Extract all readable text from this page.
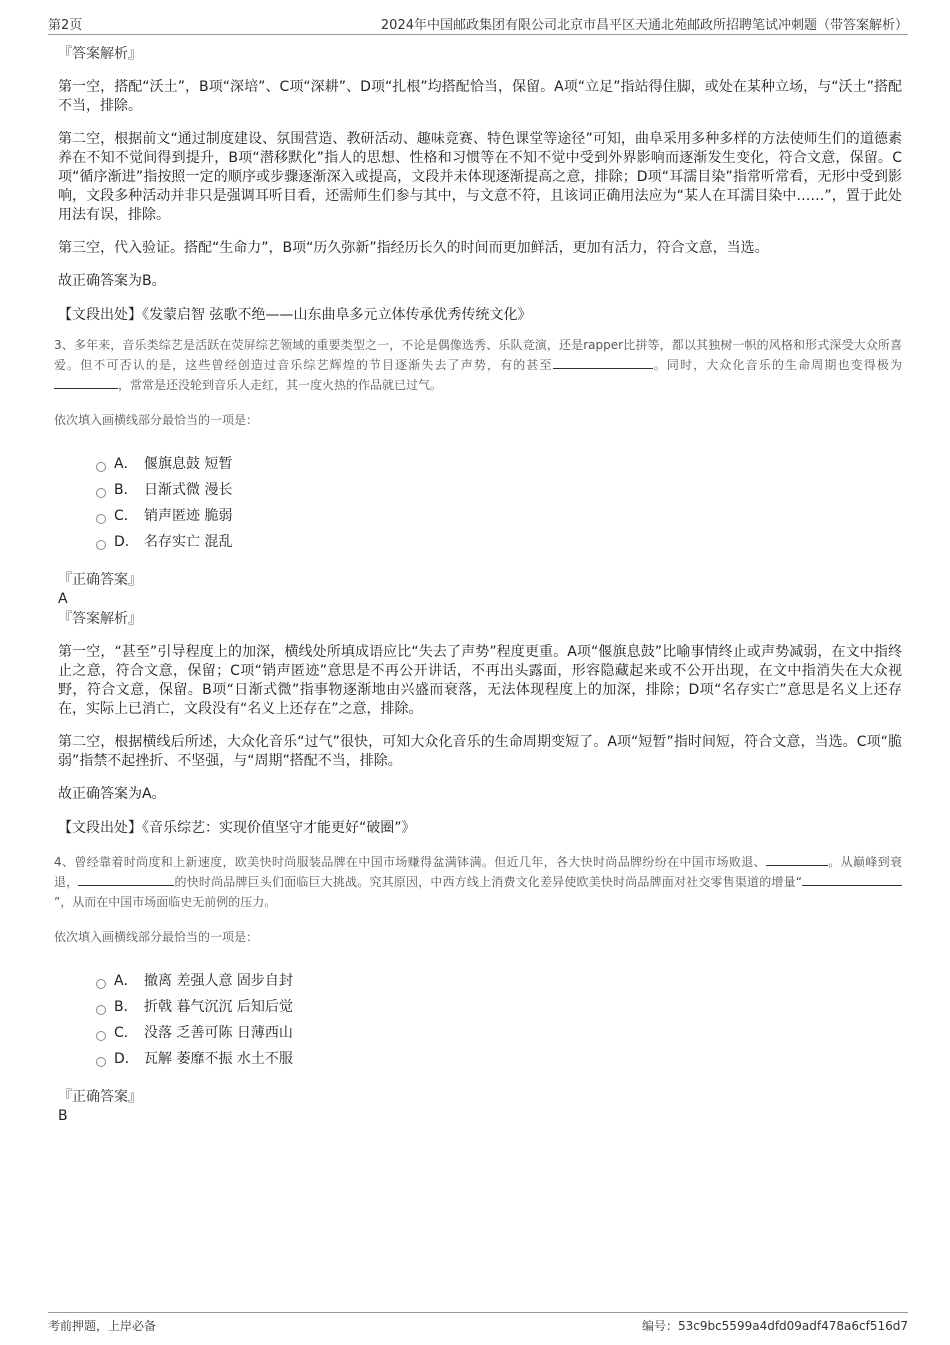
第2页	2024年中国邮政集团有限公司北京市昌平区天通北苑邮政所招聘笔试冲刺题（带答案解析）
『答案解析』

第一空，搭配“沃土”，B项“深培”、C项“深耕”、D项“扎根”均搭配恰当，保留。A项“立足”指站得住脚，或处在某种立场，与“沃土”搭配不当，排除。

第二空，根据前文“通过制度建设、氛围营造、教研活动、趣味竞赛、特色课堂等途径”可知，曲阜采用多种多样的方法使师生们的道德素养在不知不觉间得到提升，B项“潜移默化”指人的思想、性格和习惯等在不知不觉中受到外界影响而逐渐发生变化，符合文意，保留。C项“循序渐进”指按照一定的顺序或步骤逐渐深入或提高，文段并未体现逐渐提高之意，排除；D项“耳濡目染”指常听常看，无形中受到影响，文段多种活动并非只是强调耳听目看，还需师生们参与其中，与文意不符，且该词正确用法应为“某人在耳濡目染中……”，置于此处用法有误，排除。

第三空，代入验证。搭配“生命力”，B项“历久弥新”指经历长久的时间而更加鲜活，更加有活力，符合文意，当选。

故正确答案为B。

【文段出处】《发蒙启智 弦歌不绝——山东曲阜多元立体传承优秀传统文化》

3、多年来，音乐类综艺是活跃在荧屏综艺领域的重要类型之一，不论是偶像选秀、乐队竞演，还是rapper比拼等，都以其独树一帜的风格和形式深受大众所喜爱。但不可否认的是，这些曾经创造过音乐综艺辉煌的节目逐渐失去了声势，有的甚至	。同时，大众化音乐的生命周期也变得极为，常常是还没轮到音乐人走红，其一度火热的作品就已过气。

依次填入画横线部分最恰当的一项是：

A． 偃旗息鼓 短暂
B． 日渐式微 漫长
C． 销声匿迹 脆弱
D． 名存实亡 混乱

『正确答案』

A

『答案解析』

第一空，“甚至”引导程度上的加深，横线处所填成语应比“失去了声势”程度更重。A项“偃旗息鼓”比喻事情终止或声势减弱，在文中指终止之意，符合文意，保留；C项“销声匿迹”意思是不再公开讲话，不再出头露面，形容隐藏起来或不公开出现，在文中指消失在大众视野，符合文意，保留。B项“日渐式微”指事物逐渐地由兴盛而衰落，无法体现程度上的加深，排除；D项“名存实亡”意思是名义上还存在，实际上已消亡，文段没有“名义上还存在”之意，排除。

第二空，根据横线后所述，大众化音乐“过气”很快，可知大众化音乐的生命周期变短了。A项“短暂”指时间短，符合文意，当选。C项“脆弱”指禁不起挫折、不坚强，与“周期”搭配不当，排除。

故正确答案为A。

【文段出处】《音乐综艺：实现价值坚守才能更好“破圈”》

4、曾经靠着时尚度和上新速度，欧美快时尚服装品牌在中国市场赚得盆满钵满。但近几年，各大快时尚品牌纷纷在中国市场败退、	。从巅峰到衰退，	的快时尚品牌巨头们面临巨大挑战。究其原因，中西方线上消费文化差异使欧美快时尚品牌面对社交零售渠道的增量“”，从而在中国市场面临史无前例的压力。

依次填入画横线部分最恰当的一项是：

A． 撤离 差强人意 固步自封
B． 折戟 暮气沉沉 后知后觉
C． 没落 乏善可陈 日薄西山
D． 瓦解 萎靡不振 水土不服

『正确答案』

B

考前押题，上岸必备	编号：53c9bc5599a4dfd09adf478a6cf516d7
